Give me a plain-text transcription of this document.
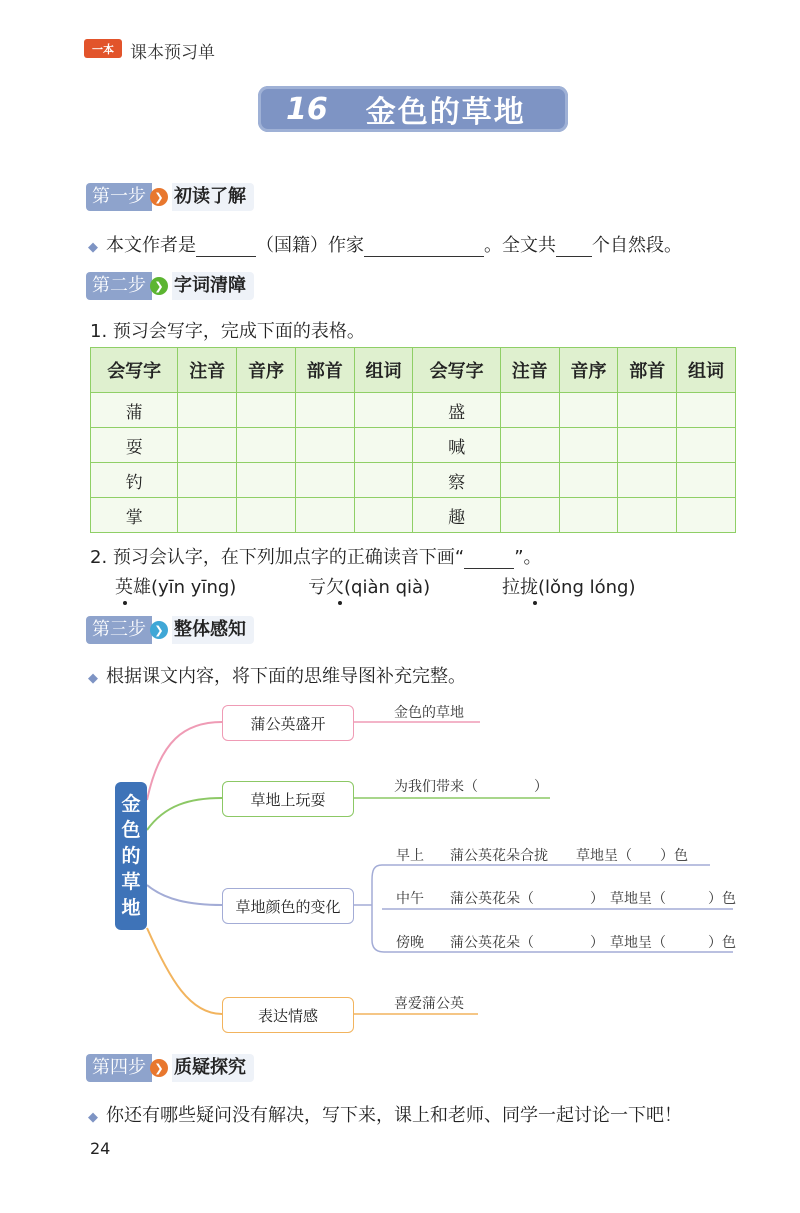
一本 课本预习单
16 金色的草地
第一步 ❯ 初读了解
◆ 本文作者是	（国籍）作家	。全文共 个自然段。
第二步 ❯ 字词清障
1. 预习会写字，完成下面的表格。
会写字	注音	音序	部首	组词	会写字	注音	音序	部首	组词
蒲					盛				
耍					喊				
钓					察				
掌					趣				
2. 预习会认字，在下列加点字的正确读音下画“	”。
英雄(yīn yīng)	亏欠(qiàn qià)	拉拢(lǒng lóng)
第三步 ❯ 整体感知
◆ 根据课文内容，将下面的思维导图补充完整。
金
色
的
草
地
蒲公英盛开
金色的草地
草地上玩耍
为我们带来（　　　　）
草地颜色的变化
早上 蒲公英花朵合拢 草地呈（　　）色
中午 蒲公英花朵（　　　　） 草地呈（　　　）色
傍晚 蒲公英花朵（　　　　） 草地呈（　　　）色
表达情感
喜爱蒲公英
第四步 ❯ 质疑探究
◆ 你还有哪些疑问没有解决，写下来，课上和老师、同学一起讨论一下吧！
24
